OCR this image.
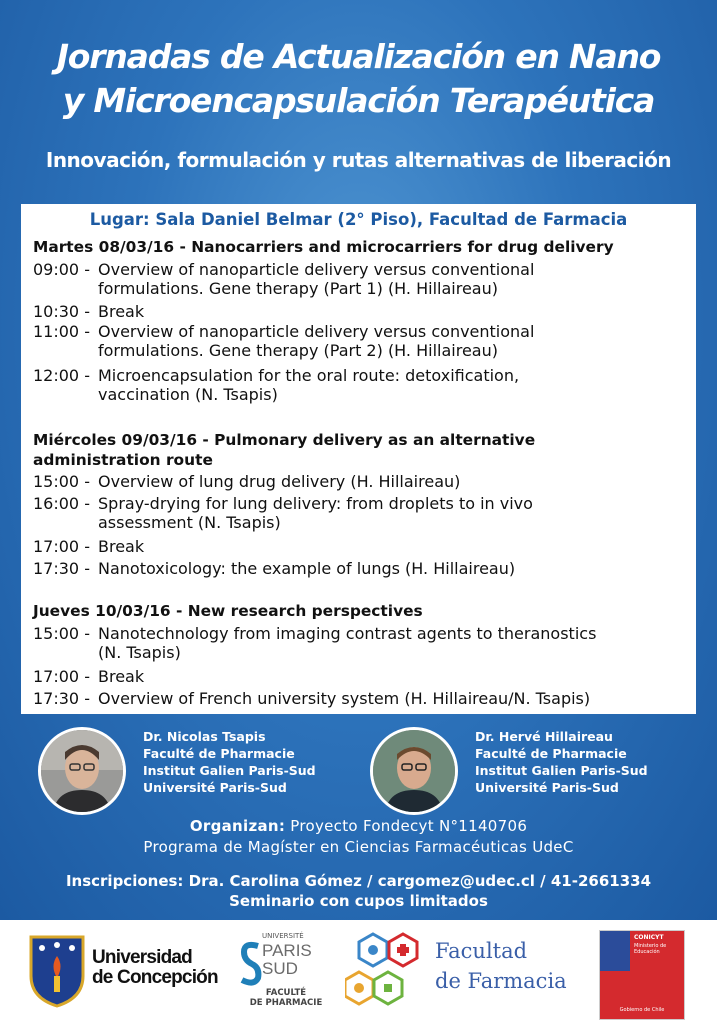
Jornadas de Actualización en Nano
y Microencapsulación Terapéutica
Innovación, formulación y rutas alternativas de liberación
Lugar: Sala Daniel Belmar (2° Piso), Facultad de Farmacia
Martes 08/03/16 - Nanocarriers and microcarriers for drug delivery
09:00 - Overview of nanoparticle delivery versus conventional
formulations. Gene therapy (Part 1) (H. Hillaireau)
10:30 - Break
11:00 - Overview of nanoparticle delivery versus conventional
formulations. Gene therapy (Part 2) (H. Hillaireau)
12:00 - Microencapsulation for the oral route: detoxification,
vaccination (N. Tsapis)
Miércoles 09/03/16 - Pulmonary delivery as an alternative
administration route
15:00 - Overview of lung drug delivery (H. Hillaireau)
16:00 - Spray-drying for lung delivery: from droplets to in vivo
assessment (N. Tsapis)
17:00 - Break
17:30 - Nanotoxicology: the example of lungs (H. Hillaireau)
Jueves 10/03/16 - New research perspectives
15:00 - Nanotechnology from imaging contrast agents to theranostics
(N. Tsapis)
17:00 - Break
17:30 - Overview of French university system (H. Hillaireau/N. Tsapis)
Dr. Nicolas Tsapis
Faculté de Pharmacie
Institut Galien Paris-Sud
Université Paris-Sud
Dr. Hervé Hillaireau
Faculté de Pharmacie
Institut Galien Paris-Sud
Université Paris-Sud
Organizan: Proyecto Fondecyt N°1140706
Programa de Magíster en Ciencias Farmacéuticas UdeC
Inscripciones: Dra. Carolina Gómez / cargomez@udec.cl / 41-2661334
Seminario con cupos limitados
Universidad
de Concepción
UNIVERSITÉ
PARIS
SUD
FACULTÉ
DE PHARMACIE
Facultad
de Farmacia
CONICYT
Ministerio de
Educación
Gobierno de Chile
